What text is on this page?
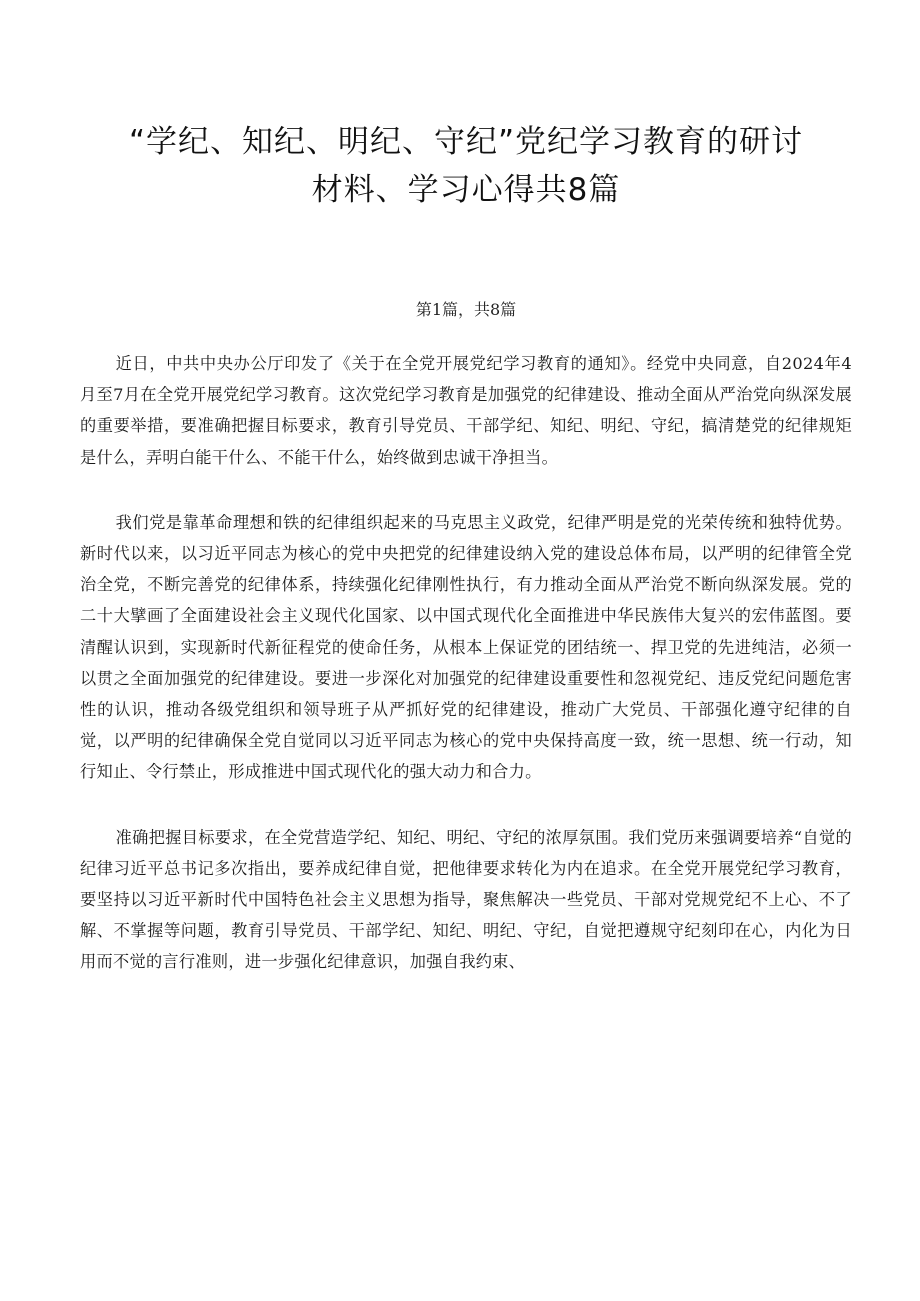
“学纪、知纪、明纪、守纪”党纪学习教育的研讨
材料、学习心得共8篇
第1篇，共8篇

近日，中共中央办公厅印发了《关于在全党开展党纪学习教育的通知》。经党中央同意，自2024年4月至7月在全党开展党纪学习教育。这次党纪学习教育是加强党的纪律建设、推动全面从严治党向纵深发展的重要举措，要准确把握目标要求，教育引导党员、干部学纪、知纪、明纪、守纪，搞清楚党的纪律规矩是什么，弄明白能干什么、不能干什么，始终做到忠诚干净担当。

我们党是靠革命理想和铁的纪律组织起来的马克思主义政党，纪律严明是党的光荣传统和独特优势。新时代以来，以习近平同志为核心的党中央把党的纪律建设纳入党的建设总体布局，以严明的纪律管全党治全党，不断完善党的纪律体系，持续强化纪律刚性执行，有力推动全面从严治党不断向纵深发展。党的二十大擘画了全面建设社会主义现代化国家、以中国式现代化全面推进中华民族伟大复兴的宏伟蓝图。要清醒认识到，实现新时代新征程党的使命任务，从根本上保证党的团结统一、捍卫党的先进纯洁，必须一以贯之全面加强党的纪律建设。要进一步深化对加强党的纪律建设重要性和忽视党纪、违反党纪问题危害性的认识，推动各级党组织和领导班子从严抓好党的纪律建设，推动广大党员、干部强化遵守纪律的自觉，以严明的纪律确保全党自觉同以习近平同志为核心的党中央保持高度一致，统一思想、统一行动，知行知止、令行禁止，形成推进中国式现代化的强大动力和合力。

准确把握目标要求，在全党营造学纪、知纪、明纪、守纪的浓厚氛围。我们党历来强调要培养“自觉的纪律习近平总书记多次指出，要养成纪律自觉，把他律要求转化为内在追求。在全党开展党纪学习教育，要坚持以习近平新时代中国特色社会主义思想为指导，聚焦解决一些党员、干部对党规党纪不上心、不了解、不掌握等问题，教育引导党员、干部学纪、知纪、明纪、守纪，自觉把遵规守纪刻印在心，内化为日用而不觉的言行准则，进一步强化纪律意识，加强自我约束、
